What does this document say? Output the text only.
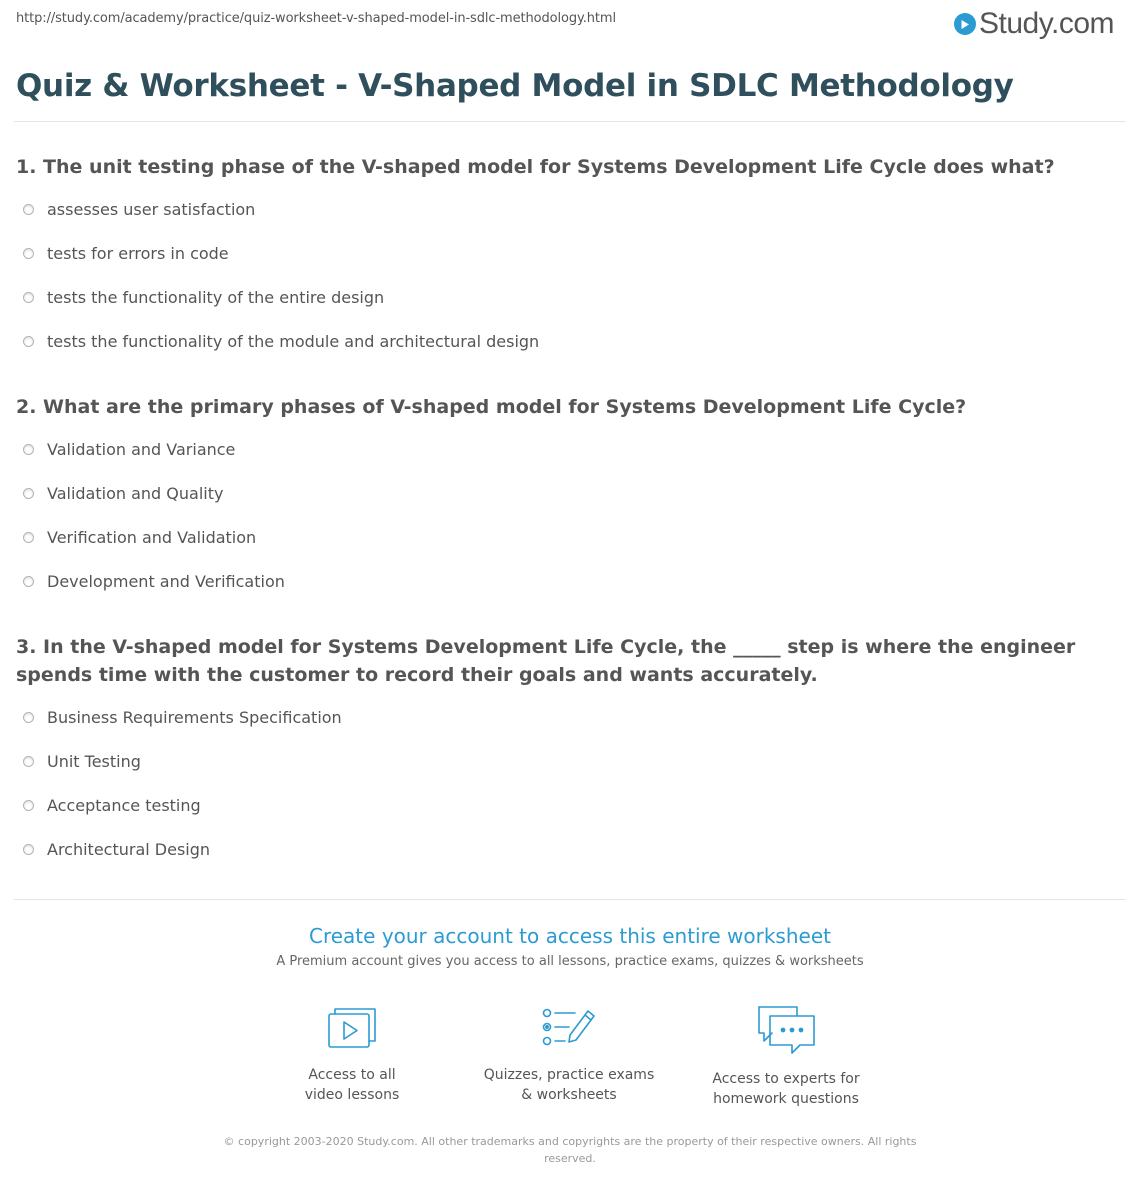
http://study.com/academy/practice/quiz-worksheet-v-shaped-model-in-sdlc-methodology.html	Study.com
Quiz & Worksheet - V-Shaped Model in SDLC Methodology
1. The unit testing phase of the V-shaped model for Systems Development Life Cycle does what?
assesses user satisfaction
tests for errors in code
tests the functionality of the entire design
tests the functionality of the module and architectural design
2. What are the primary phases of V-shaped model for Systems Development Life Cycle?
Validation and Variance
Validation and Quality
Verification and Validation
Development and Verification
3. In the V-shaped model for Systems Development Life Cycle, the _____ step is where the engineer spends time with the customer to record their goals and wants accurately.
Business Requirements Specification
Unit Testing
Acceptance testing
Architectural Design
Create your account to access this entire worksheet
A Premium account gives you access to all lessons, practice exams, quizzes & worksheets
Access to all
video lessons
Quizzes, practice exams
& worksheets
Access to experts for
homework questions
© copyright 2003-2020 Study.com. All other trademarks and copyrights are the property of their respective owners. All rights
reserved.
